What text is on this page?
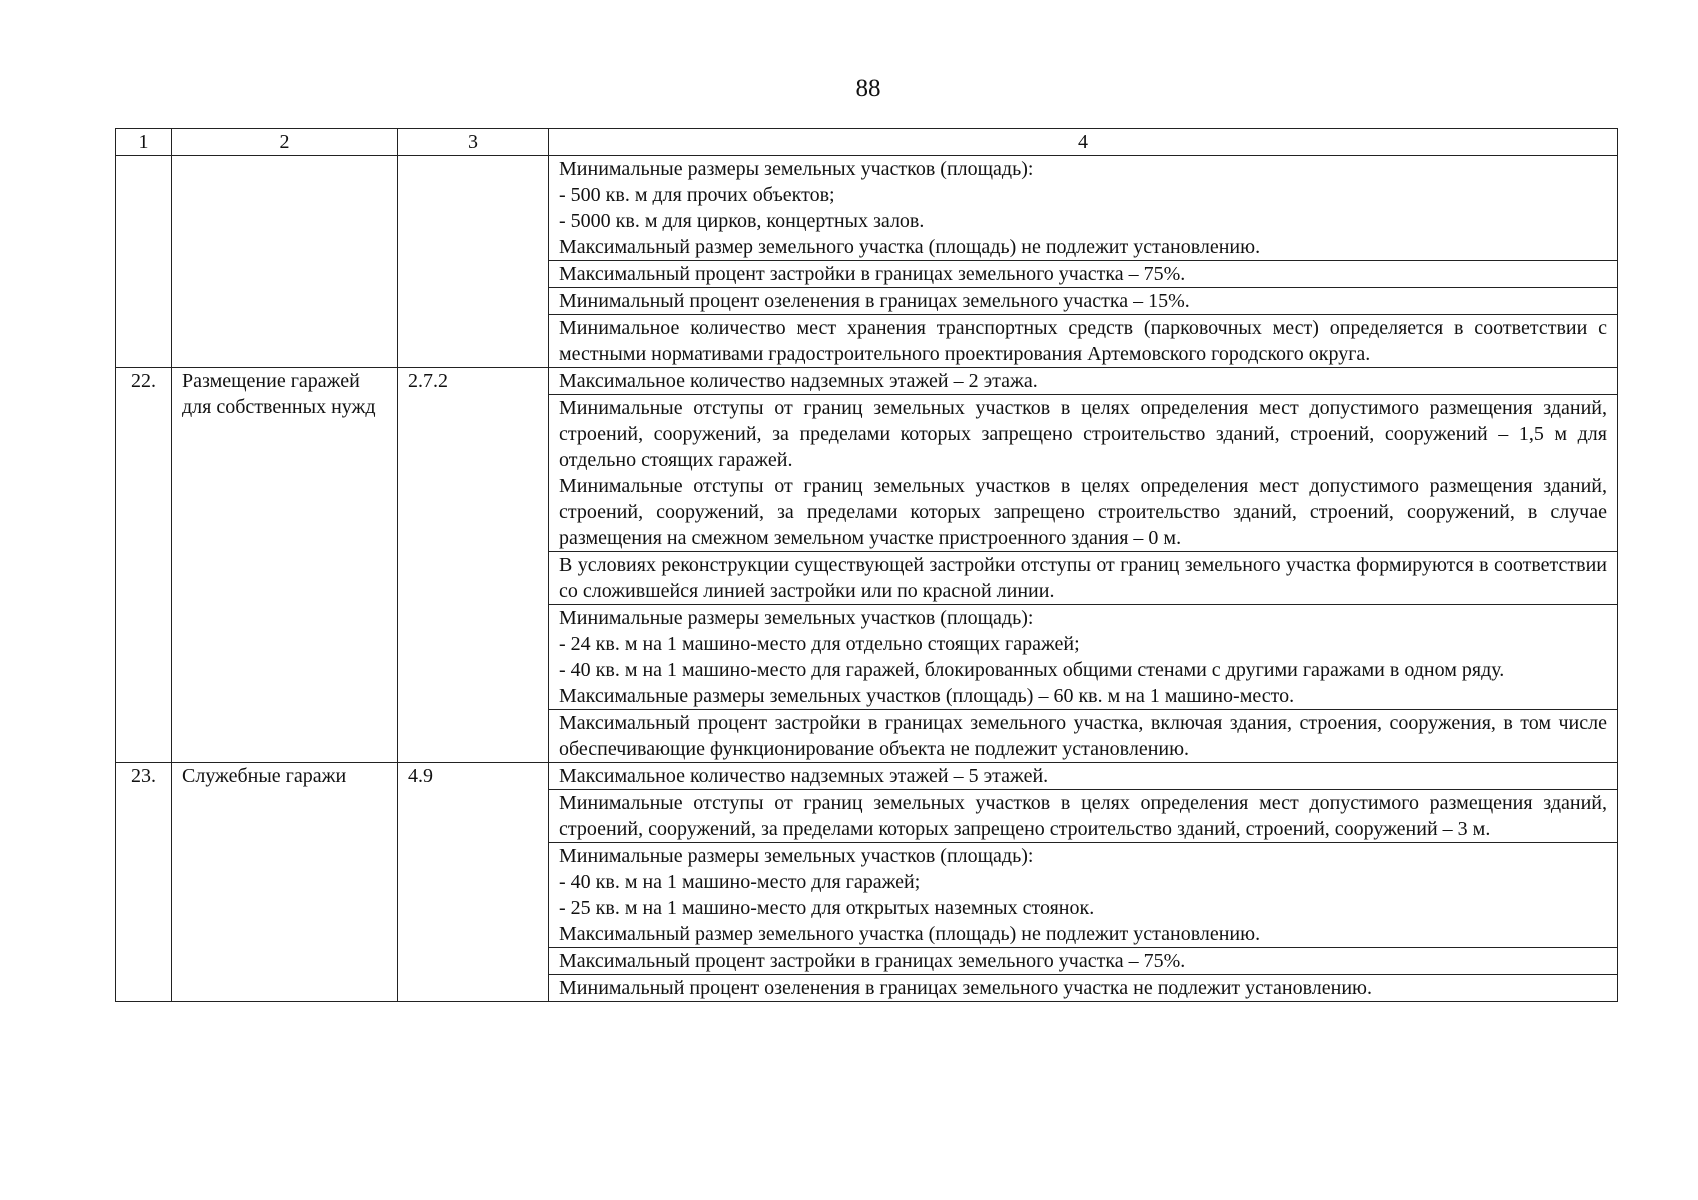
88
1	2	3	4

			Минимальные размеры земельных участков (площадь):
- 500 кв. м для прочих объектов;
- 5000 кв. м для цирков, концертных залов.
Максимальный размер земельного участка (площадь) не подлежит установлению.

			Максимальный процент застройки в границах земельного участка – 75%.

			Минимальный процент озеленения в границах земельного участка – 15%.

			Минимальное количество мест хранения транспортных средств (парковочных мест) определяется в соответствии с местными нормативами градостроительного проектирования Артемовского городского округа.

22.	Размещение гаражей для собственных нужд	2.7.2	Максимальное количество надземных этажей – 2 этажа.

			Минимальные отступы от границ земельных участков в целях определения мест допустимого размещения зданий, строений, сооружений, за пределами которых запрещено строительство зданий, строений, сооружений – 1,5 м для отдельно стоящих гаражей.
Минимальные отступы от границ земельных участков в целях определения мест допустимого размещения зданий, строений, сооружений, за пределами которых запрещено строительство зданий, строений, сооружений, в случае размещения на смежном земельном участке пристроенного здания – 0 м.

			В условиях реконструкции существующей застройки отступы от границ земельного участка формируются в соответствии со сложившейся линией застройки или по красной линии.

			Минимальные размеры земельных участков (площадь):
- 24 кв. м на 1 машино-место для отдельно стоящих гаражей;
- 40 кв. м на 1 машино-место для гаражей, блокированных общими стенами с другими гаражами в одном ряду.
Максимальные размеры земельных участков (площадь) – 60 кв. м на 1 машино-место.

			Максимальный процент застройки в границах земельного участка, включая здания, строения, сооружения, в том числе обеспечивающие функционирование объекта не подлежит установлению.

23.	Служебные гаражи	4.9	Максимальное количество надземных этажей – 5 этажей.

			Минимальные отступы от границ земельных участков в целях определения мест допустимого размещения зданий, строений, сооружений, за пределами которых запрещено строительство зданий, строений, сооружений – 3 м.

			Минимальные размеры земельных участков (площадь):
- 40 кв. м на 1 машино-место для гаражей;
- 25 кв. м на 1 машино-место для открытых наземных стоянок.
Максимальный размер земельного участка (площадь) не подлежит установлению.

			Максимальный процент застройки в границах земельного участка – 75%.

			Минимальный процент озеленения в границах земельного участка не подлежит установлению.
